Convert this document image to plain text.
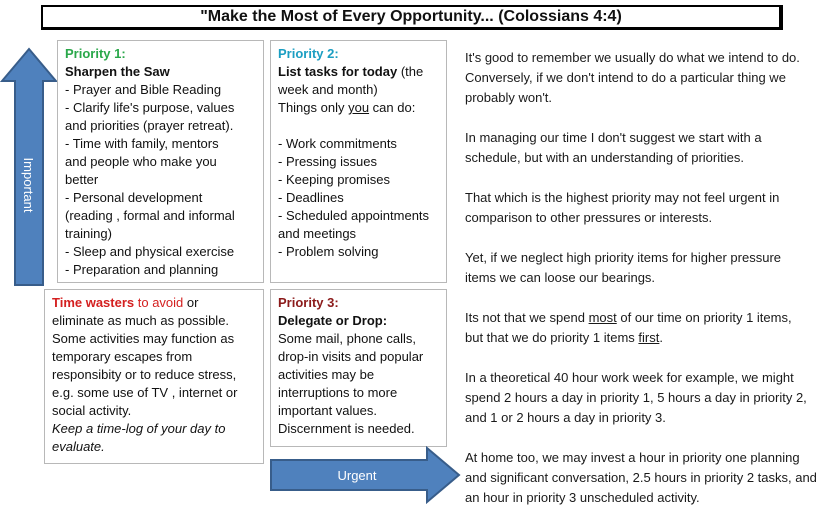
"Make the Most of Every Opportunity... (Colossians 4:4)
Important
Priority 1:
Sharpen the Saw
- Prayer and Bible Reading
- Clarify life's purpose, values
and priorities (prayer retreat).
- Time with family, mentors
and people who make you
better
- Personal development
(reading , formal and informal
training)
- Sleep and physical exercise
- Preparation and planning
Priority 2:
List tasks for today (the
week and month)
Things only you can do:
- Work commitments
- Pressing issues
- Keeping promises
- Deadlines
- Scheduled appointments
and meetings
- Problem solving
Time wasters to avoid or
eliminate as much as possible.
Some activities may function as
temporary escapes from
responsibity or to reduce stress,
e.g. some use of TV , internet or
social activity.
Keep a time-log of your day to
evaluate.
Priority 3:
Delegate or Drop:
Some mail, phone calls,
drop-in visits and popular
activities may be
interruptions to more
important values.
Discernment is needed.
Urgent

It's good to remember we usually do what we intend to do.
Conversely, if we don't intend to do a particular thing we
probably won't.

In managing our time I don't suggest we start with a
schedule, but with an understanding of priorities.

That which is the highest priority may not feel urgent in
comparison to other pressures or interests.

Yet, if we neglect high priority items for higher pressure
items we can loose our bearings.

Its not that we spend most of our time on priority 1 items,
but that we do priority 1 items first.

In a theoretical 40 hour work week for example, we might
spend 2 hours a day in priority 1, 5 hours a day in priority 2,
and 1 or 2 hours a day in priority 3.

At home too, we may invest a hour in priority one planning
and significant conversation, 2.5 hours in priority 2 tasks, and
an hour in priority 3 unscheduled activity.
